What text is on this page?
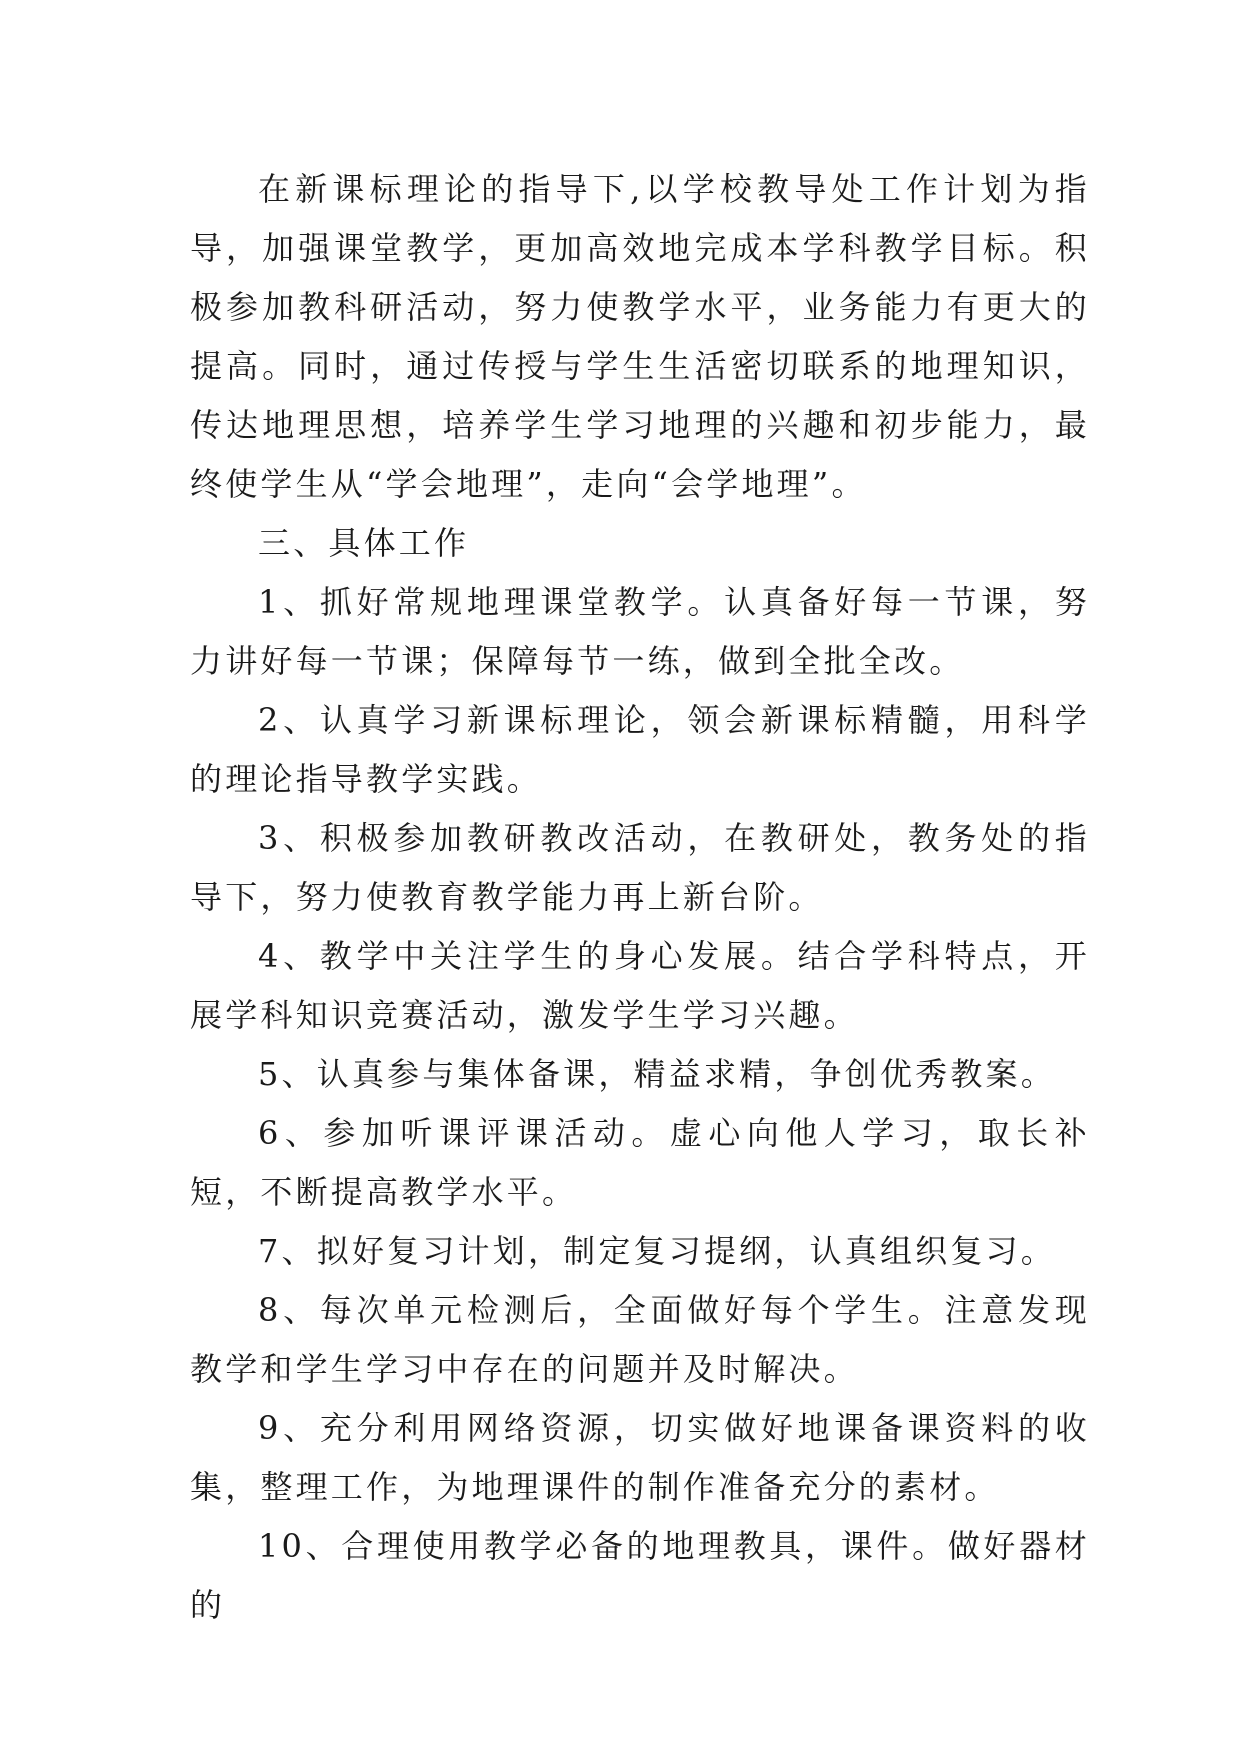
在新课标理论的指导下,以学校教导处工作计划为指导，加强课堂教学，更加高效地完成本学科教学目标。积极参加教科研活动，努力使教学水平，业务能力有更大的提高。同时，通过传授与学生生活密切联系的地理知识，传达地理思想，培养学生学习地理的兴趣和初步能力，最终使学生从“学会地理”，走向“会学地理”。

三、具体工作

1、抓好常规地理课堂教学。认真备好每一节课，努力讲好每一节课；保障每节一练，做到全批全改。

2、认真学习新课标理论，领会新课标精髓，用科学的理论指导教学实践。

3、积极参加教研教改活动，在教研处，教务处的指导下，努力使教育教学能力再上新台阶。

4、教学中关注学生的身心发展。结合学科特点，开展学科知识竞赛活动，激发学生学习兴趣。

5、认真参与集体备课，精益求精，争创优秀教案。

6、参加听课评课活动。虚心向他人学习，取长补短，不断提高教学水平。

7、拟好复习计划，制定复习提纲，认真组织复习。

8、每次单元检测后，全面做好每个学生。注意发现教学和学生学习中存在的问题并及时解决。

9、充分利用网络资源，切实做好地课备课资料的收集，整理工作，为地理课件的制作准备充分的素材。

10、合理使用教学必备的地理教具，课件。做好器材的
